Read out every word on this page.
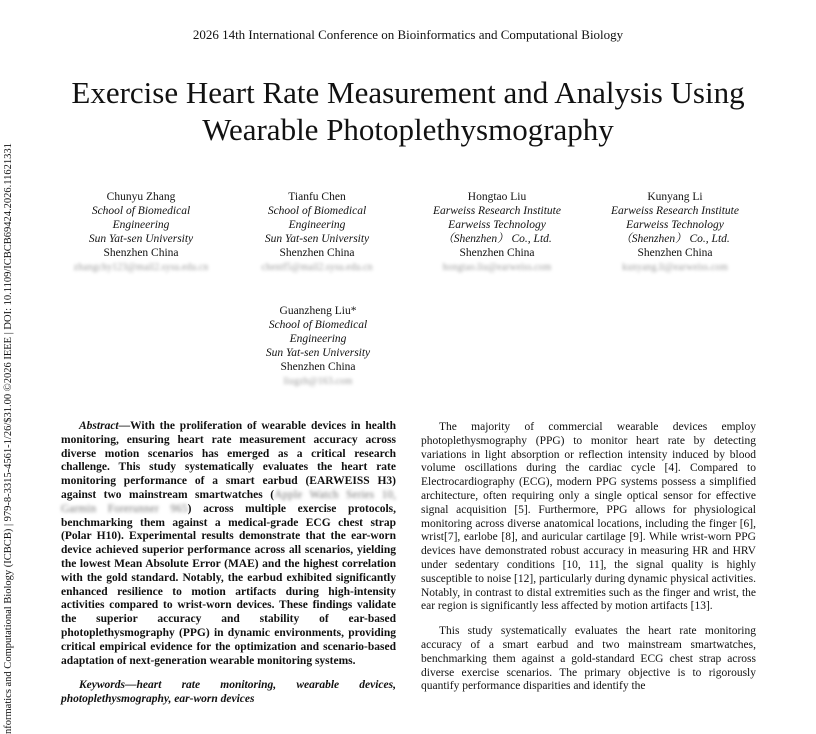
2026 14th International Conference on Bioinformatics and Computational Biology
Exercise Heart Rate Measurement and Analysis Using Wearable Photoplethysmography
nformatics and Computational Biology (ICBCB) | 979-8-3315-4561-1/26/$31.00 ©2026 IEEE | DOI: 10.1109/ICBCB69424.2026.11621331	Chunyu Zhang
School of Biomedical
Engineering
Sun Yat-sen University
Shenzhen China
zhangchy123@mail2.sysu.edu.cn
Tianfu Chen
School of Biomedical
Engineering
Sun Yat-sen University
Shenzhen China
chentf5@mail2.sysu.edu.cn
Hongtao Liu
Earweiss Research Institute
Earweiss Technology
（Shenzhen） Co., Ltd.
Shenzhen China
hongtao.liu@earweiss.com
Kunyang Li
Earweiss Research Institute
Earweiss Technology
（Shenzhen） Co., Ltd.
Shenzhen China
kunyang.li@earweiss.com
Guanzheng Liu*
School of Biomedical
Engineering
Sun Yat-sen University
Shenzhen China
liugzh@163.com

Abstract—With the proliferation of wearable devices in health monitoring, ensuring heart rate measurement accuracy across diverse motion scenarios has emerged as a critical research challenge. This study systematically evaluates the heart rate monitoring performance of a smart earbud (EARWEISS H3) against two mainstream smartwatches (Apple Watch Series 10, Garmin Forerunner 965) across multiple exercise protocols, benchmarking them against a medical-grade ECG chest strap (Polar H10). Experimental results demonstrate that the ear-worn device achieved superior performance across all scenarios, yielding the lowest Mean Absolute Error (MAE) and the highest correlation with the gold standard. Notably, the earbud exhibited significantly enhanced resilience to motion artifacts during high-intensity activities compared to wrist-worn devices. These findings validate the superior accuracy and stability of ear-based photoplethysmography (PPG) in dynamic environments, providing critical empirical evidence for the optimization and scenario-based adaptation of next-generation wearable monitoring systems.

Keywords—heart rate monitoring, wearable devices, photoplethysmography, ear-worn devices

The majority of commercial wearable devices employ photoplethysmography (PPG) to monitor heart rate by detecting variations in light absorption or reflection intensity induced by blood volume oscillations during the cardiac cycle [4]. Compared to Electrocardiography (ECG), modern PPG systems possess a simplified architecture, often requiring only a single optical sensor for effective signal acquisition [5]. Furthermore, PPG allows for physiological monitoring across diverse anatomical locations, including the finger [6], wrist[7], earlobe [8], and auricular cartilage [9]. While wrist-worn PPG devices have demonstrated robust accuracy in measuring HR and HRV under sedentary conditions [10, 11], the signal quality is highly susceptible to noise [12], particularly during dynamic physical activities. Notably, in contrast to distal extremities such as the finger and wrist, the ear region is significantly less affected by motion artifacts [13].

This study systematically evaluates the heart rate monitoring accuracy of a smart earbud and two mainstream smartwatches, benchmarking them against a gold-standard ECG chest strap across diverse exercise scenarios. The primary objective is to rigorously quantify performance disparities and identify the
